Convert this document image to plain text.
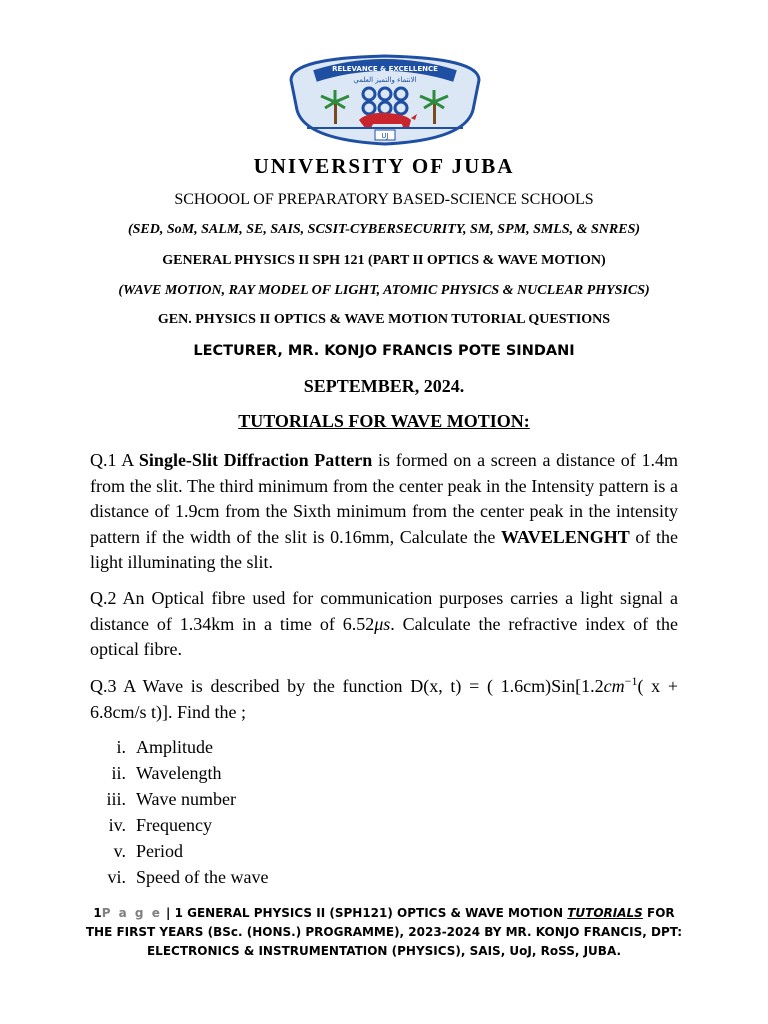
RELEVANCE & EXCELLENCE
الانتماء والتميز العلمي
UJ
UNIVERSITY OF JUBA
SCHOOOL OF PREPARATORY BASED-SCIENCE SCHOOLS
(SED, SoM, SALM, SE, SAIS, SCSIT-CYBERSECURITY, SM, SPM, SMLS, & SNRES)
GENERAL PHYSICS II SPH 121 (PART II OPTICS & WAVE MOTION)
(WAVE MOTION, RAY MODEL OF LIGHT, ATOMIC PHYSICS & NUCLEAR PHYSICS)
GEN. PHYSICS II OPTICS & WAVE MOTION TUTORIAL QUESTIONS
LECTURER, MR. KONJO FRANCIS POTE SINDANI
SEPTEMBER, 2024.
TUTORIALS FOR WAVE MOTION:
Q.1 A Single-Slit Diffraction Pattern is formed on a screen a distance of 1.4m from the slit. The third minimum from the center peak in the Intensity pattern is a distance of 1.9cm from the Sixth minimum from the center peak in the intensity pattern if the width of the slit is 0.16mm, Calculate the WAVELENGHT of the light illuminating the slit.
Q.2 An Optical fibre used for communication purposes carries a light signal a distance of 1.34km in a time of 6.52μs. Calculate the refractive index of the optical fibre.
Q.3 A Wave is described by the function D(x, t) = ( $1.6cm)Sin[1.2cm^{-1}$( x + 6.8cm/s t)]. Find the ;
i. Amplitude
ii. Wavelength
iii. Wave number
iv. Frequency
v. Period
vi. Speed of the wave
1P a g e | 1 GENERAL PHYSICS II (SPH121) OPTICS & WAVE MOTION TUTORIALS FOR THE FIRST YEARS (BSc. (HONS.) PROGRAMME), 2023-2024 BY MR. KONJO FRANCIS, DPT: ELECTRONICS & INSTRUMENTATION (PHYSICS), SAIS, UoJ, RoSS, JUBA.
